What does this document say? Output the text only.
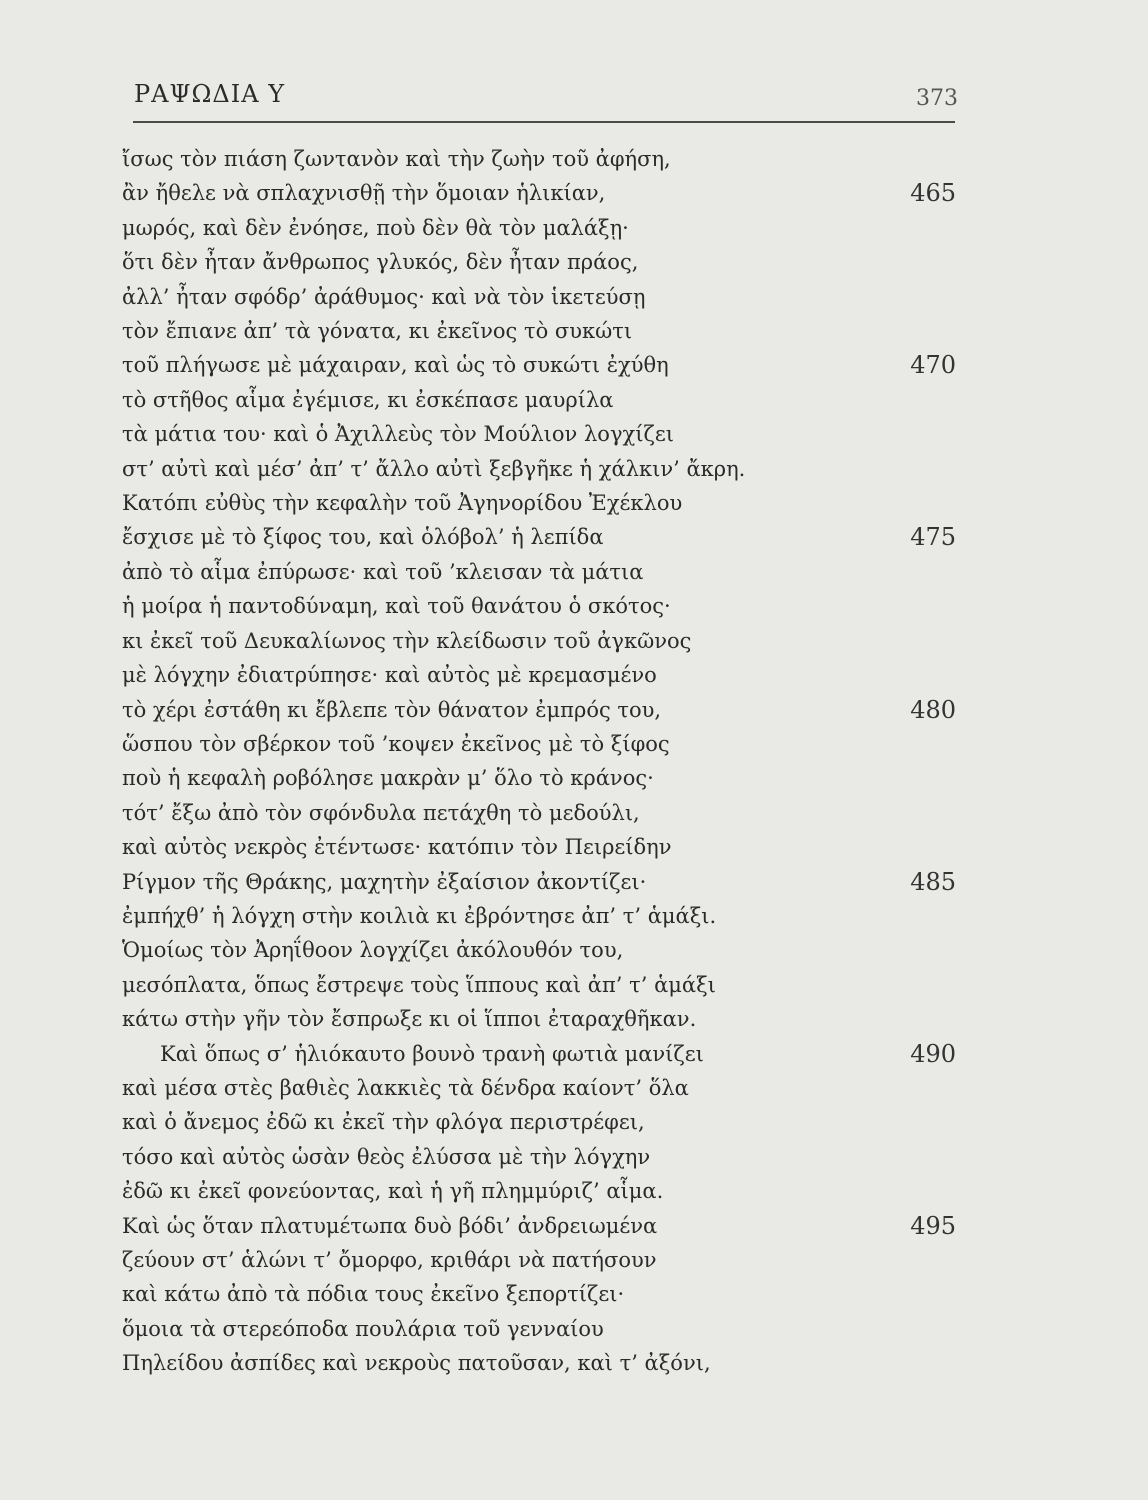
ΡΑΨΩΔΙΑ Υ	373
ἴσως τὸν πιάση ζωντανὸν καὶ τὴν ζωὴν τοῦ ἀφήση,
ἂν ἤθελε νὰ σπλαχνισθῇ τὴν ὅμοιαν ἡλικίαν,	465
μωρός, καὶ δὲν ἐνόησε, ποὺ δὲν θὰ τὸν μαλάξῃ·
ὅτι δὲν ἦταν ἄνθρωπος γλυκός, δὲν ἦταν πράος,
ἀλλ’ ἦταν σφόδρ’ ἀράθυμος· καὶ νὰ τὸν ἱκετεύσῃ
τὸν ἔπιανε ἀπ’ τὰ γόνατα, κι ἐκεῖνος τὸ συκώτι
τοῦ πλήγωσε μὲ μάχαιραν, καὶ ὡς τὸ συκώτι ἐχύθη	470
τὸ στῆθος αἷμα ἐγέμισε, κι ἐσκέπασε μαυρίλα
τὰ μάτια του· καὶ ὁ Ἀχιλλεὺς τὸν Μούλιον λογχίζει
στ’ αὐτὶ καὶ μέσ’ ἀπ’ τ’ ἄλλο αὐτὶ ξεβγῆκε ἡ χάλκιν’ ἄκρη.
Κατόπι εὐθὺς τὴν κεφαλὴν τοῦ Ἀγηνορίδου Ἐχέκλου
ἔσχισε μὲ τὸ ξίφος του, καὶ ὁλόβολ’ ἡ λεπίδα	475
ἀπὸ τὸ αἷμα ἐπύρωσε· καὶ τοῦ ’κλεισαν τὰ μάτια
ἡ μοίρα ἡ παντοδύναμη, καὶ τοῦ θανάτου ὁ σκότος·
κι ἐκεῖ τοῦ Δευκαλίωνος τὴν κλείδωσιν τοῦ ἀγκῶνος
μὲ λόγχην ἐδιατρύπησε· καὶ αὐτὸς μὲ κρεμασμένο
τὸ χέρι ἐστάθη κι ἔβλεπε τὸν θάνατον ἐμπρός του,	480
ὥσπου τὸν σβέρκον τοῦ ’κοψεν ἐκεῖνος μὲ τὸ ξίφος
ποὺ ἡ κεφαλὴ ροβόλησε μακρὰν μ’ ὅλο τὸ κράνος·
τότ’ ἔξω ἀπὸ τὸν σφόνδυλα πετάχθη τὸ μεδούλι,
καὶ αὐτὸς νεκρὸς ἐτέντωσε· κατόπιν τὸν Πειρείδην
Ρίγμον τῆς Θράκης, μαχητὴν ἐξαίσιον ἀκοντίζει·	485
ἐμπήχθ’ ἡ λόγχη στὴν κοιλιὰ κι ἐβρόντησε ἀπ’ τ’ ἁμάξι.
Ὁμοίως τὸν Ἀρηΐθοον λογχίζει ἀκόλουθόν του,
μεσόπλατα, ὅπως ἔστρεψε τοὺς ἵππους καὶ ἀπ’ τ’ ἁμάξι
κάτω στὴν γῆν τὸν ἔσπρωξε κι οἱ ἵπποι ἐταραχθῆκαν.
Καὶ ὅπως σ’ ἡλιόκαυτο βουνὸ τρανὴ φωτιὰ μανίζει	490
καὶ μέσα στὲς βαθιὲς λακκιὲς τὰ δένδρα καίοντ’ ὅλα
καὶ ὁ ἄνεμος ἐδῶ κι ἐκεῖ τὴν φλόγα περιστρέφει,
τόσο καὶ αὐτὸς ὡσὰν θεὸς ἐλύσσα μὲ τὴν λόγχην
ἐδῶ κι ἐκεῖ φονεύοντας, καὶ ἡ γῆ πλημμύριζ’ αἷμα.
Καὶ ὡς ὅταν πλατυμέτωπα δυὸ βόδι’ ἀνδρειωμένα	495
ζεύουν στ’ ἁλώνι τ’ ὄμορφο, κριθάρι νὰ πατήσουν
καὶ κάτω ἀπὸ τὰ πόδια τους ἐκεῖνο ξεπορτίζει·
ὅμοια τὰ στερεόποδα πουλάρια τοῦ γενναίου
Πηλείδου ἀσπίδες καὶ νεκροὺς πατοῦσαν, καὶ τ’ ἀξόνι,
